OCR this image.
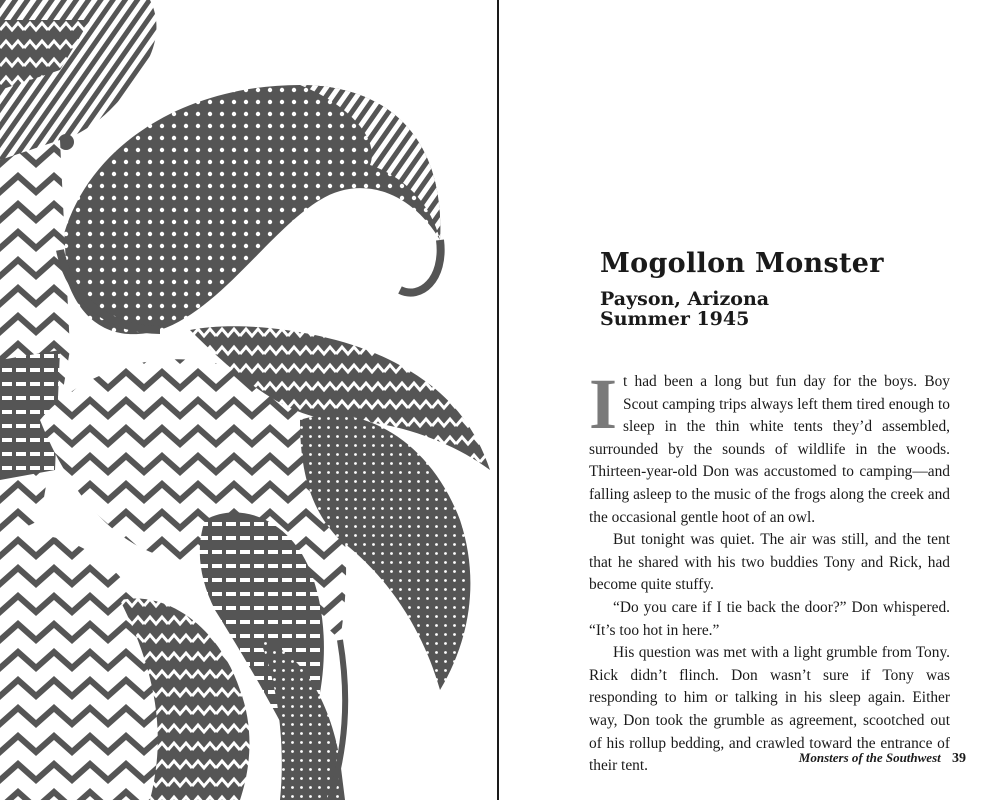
Mogollon Monster
Payson, Arizona
Summer 1945

It had been a long but fun day for the boys. Boy Scout camping trips always left them tired enough to sleep in the thin white tents they’d assembled, surrounded by the sounds of wildlife in the woods. Thirteen-year-old Don was accustomed to camping—and falling asleep to the music of the frogs along the creek and the occasional gentle hoot of an owl.

But tonight was quiet. The air was still, and the tent that he shared with his two buddies Tony and Rick, had become quite stuffy.

“Do you care if I tie back the door?” Don whispered. “It’s too hot in here.”

His question was met with a light grumble from Tony. Rick didn’t flinch. Don wasn’t sure if Tony was responding to him or talking in his sleep again. Either way, Don took the grumble as agreement, scootched out of his rollup bedding, and crawled toward the entrance of their tent.	Monsters of the Southwest 39
